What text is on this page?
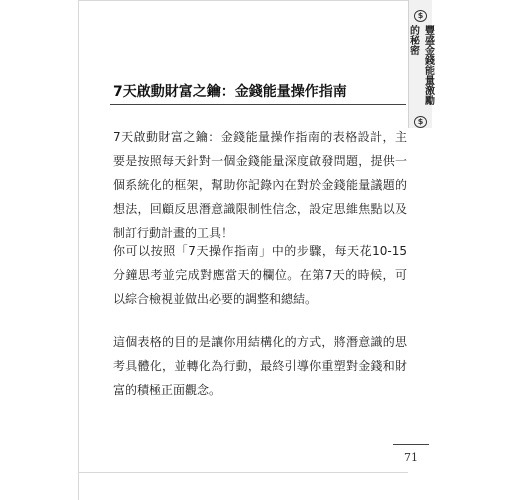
$
豐盛金錢能量激勵的秘密
$
7天啟動財富之鑰：金錢能量操作指南

7天啟動財富之鑰：金錢能量操作指南的表格設計，主要是按照每天針對一個金錢能量深度啟發問題，提供一個系統化的框架，幫助你記錄內在對於金錢能量議題的想法，回顧反思潛意識限制性信念，設定思維焦點以及制訂行動計畫的工具！

你可以按照「7天操作指南」中的步驟，每天花10-15分鐘思考並完成對應當天的欄位。在第7天的時候，可以綜合檢視並做出必要的調整和總結。

這個表格的目的是讓你用結構化的方式，將潛意識的思考具體化，並轉化為行動，最終引導你重塑對金錢和財富的積極正面觀念。

71
